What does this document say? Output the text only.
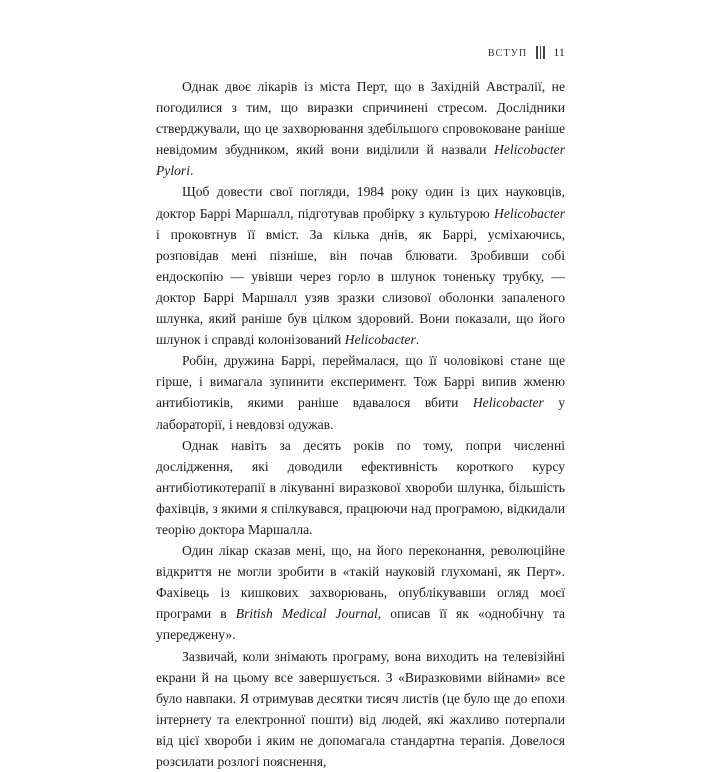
ВСТУП 11

Однак двоє лікарів із міста Перт, що в Західній Австралії, не погодилися з тим, що виразки спричинені стресом. Дослідники стверджували, що це захворювання здебільшого спровоковане раніше невідомим збудником, який вони виділили й назвали Helicobacter Pylori.

Щоб довести свої погляди, 1984 року один із цих науковців, доктор Баррі Маршалл, підготував пробірку з культурою Helicobacter і проковтнув її вміст. За кілька днів, як Баррі, усміхаючись, розповідав мені пізніше, він почав блювати. Зробивши собі ендоскопію — увівши через горло в шлунок тоненьку трубку, — доктор Баррі Маршалл узяв зразки слизової оболонки запаленого шлунка, який раніше був цілком здоровий. Вони показали, що його шлунок і справді колонізований Helicobacter.

Робін, дружина Баррі, переймалася, що її чоловікові стане ще гірше, і вимагала зупинити експеримент. Тож Баррі випив жменю антибіотиків, якими раніше вдавалося вбити Helicobacter у лабораторії, і невдовзі одужав.

Однак навіть за десять років по тому, попри численні дослідження, які доводили ефективність короткого курсу антибіотикотерапії в лікуванні виразкової хвороби шлунка, більшість фахівців, з якими я спілкувався, працюючи над програмою, відкидали теорію доктора Маршалла.

Один лікар сказав мені, що, на його переконання, революційне відкриття не могли зробити в «такій науковій глухомані, як Перт». Фахівець із кишкових захворювань, опублікувавши огляд моєї програми в British Medical Journal, описав її як «однобічну та упереджену».

Зазвичай, коли знімають програму, вона виходить на телевізійні екрани й на цьому все завершується. З «Виразковими війнами» все було навпаки. Я отримував десятки тисяч листів (це було ще до епохи інтернету та електронної пошти) від людей, які жахливо потерпали від цієї хвороби і яким не допомагала стандартна терапія. Довелося розсилати розлогі пояснення,
